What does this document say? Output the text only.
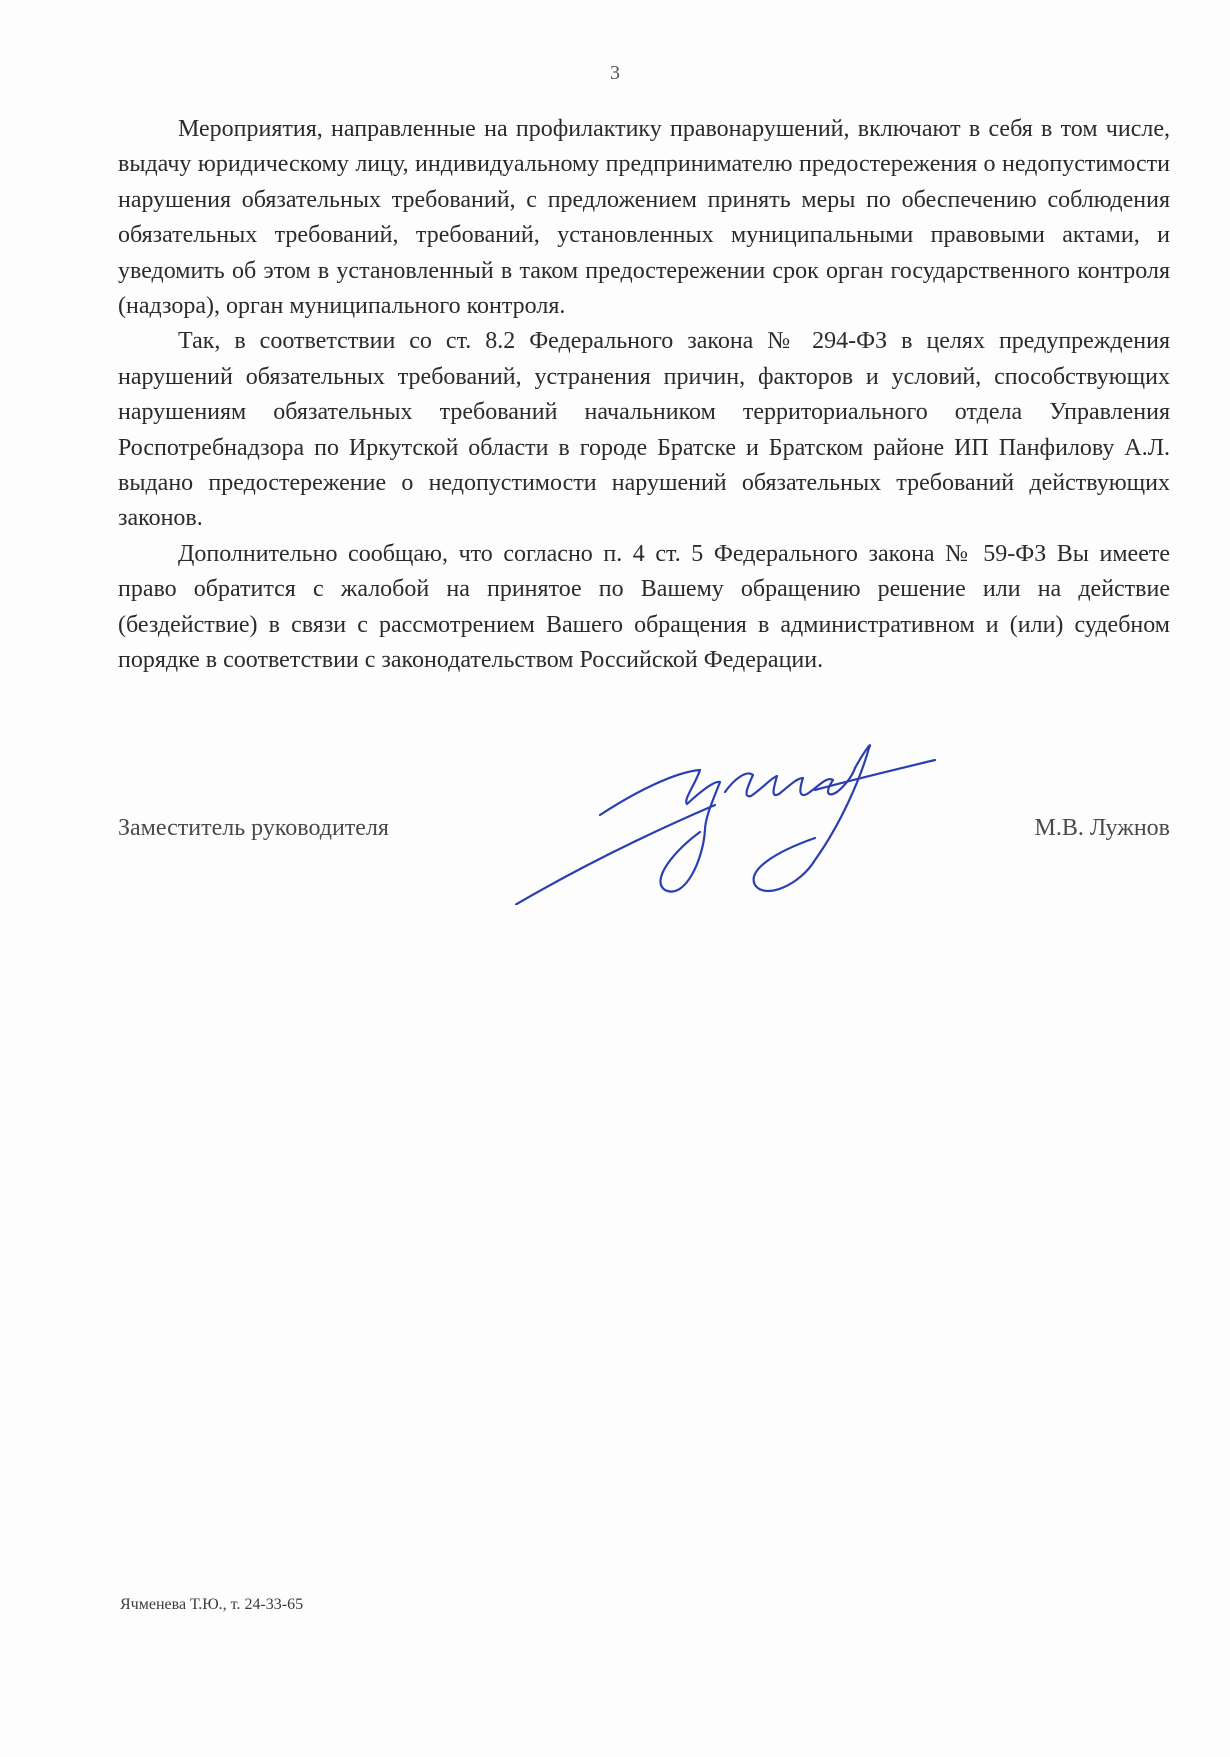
3

Мероприятия, направленные на профилактику правонарушений, включают в себя в том числе, выдачу юридическому лицу, индивидуальному предпринимателю предостережения о недопустимости нарушения обязательных требований, с предложением принять меры по обеспечению соблюдения обязательных требований, требований, установленных муниципальными правовыми актами, и уведомить об этом в установленный в таком предостережении срок орган государственного контроля (надзора), орган муниципального контроля.

Так, в соответствии со ст. 8.2 Федерального закона № 294-ФЗ в целях предупреждения нарушений обязательных требований, устранения причин, факторов и условий, способствующих нарушениям обязательных требований начальником территориального отдела Управления Роспотребнадзора по Иркутской области в городе Братске и Братском районе ИП Панфилову А.Л. выдано предостережение о недопустимости нарушений обязательных требований действующих законов.

Дополнительно сообщаю, что согласно п. 4 ст. 5 Федерального закона № 59-ФЗ Вы имеете право обратится с жалобой на принятое по Вашему обращению решение или на действие (бездействие) в связи с рассмотрением Вашего обращения в административном и (или) судебном порядке в соответствии с законодательством Российской Федерации.

Заместитель руководителя	М.В. Лужнов
Ячменева Т.Ю., т. 24-33-65
